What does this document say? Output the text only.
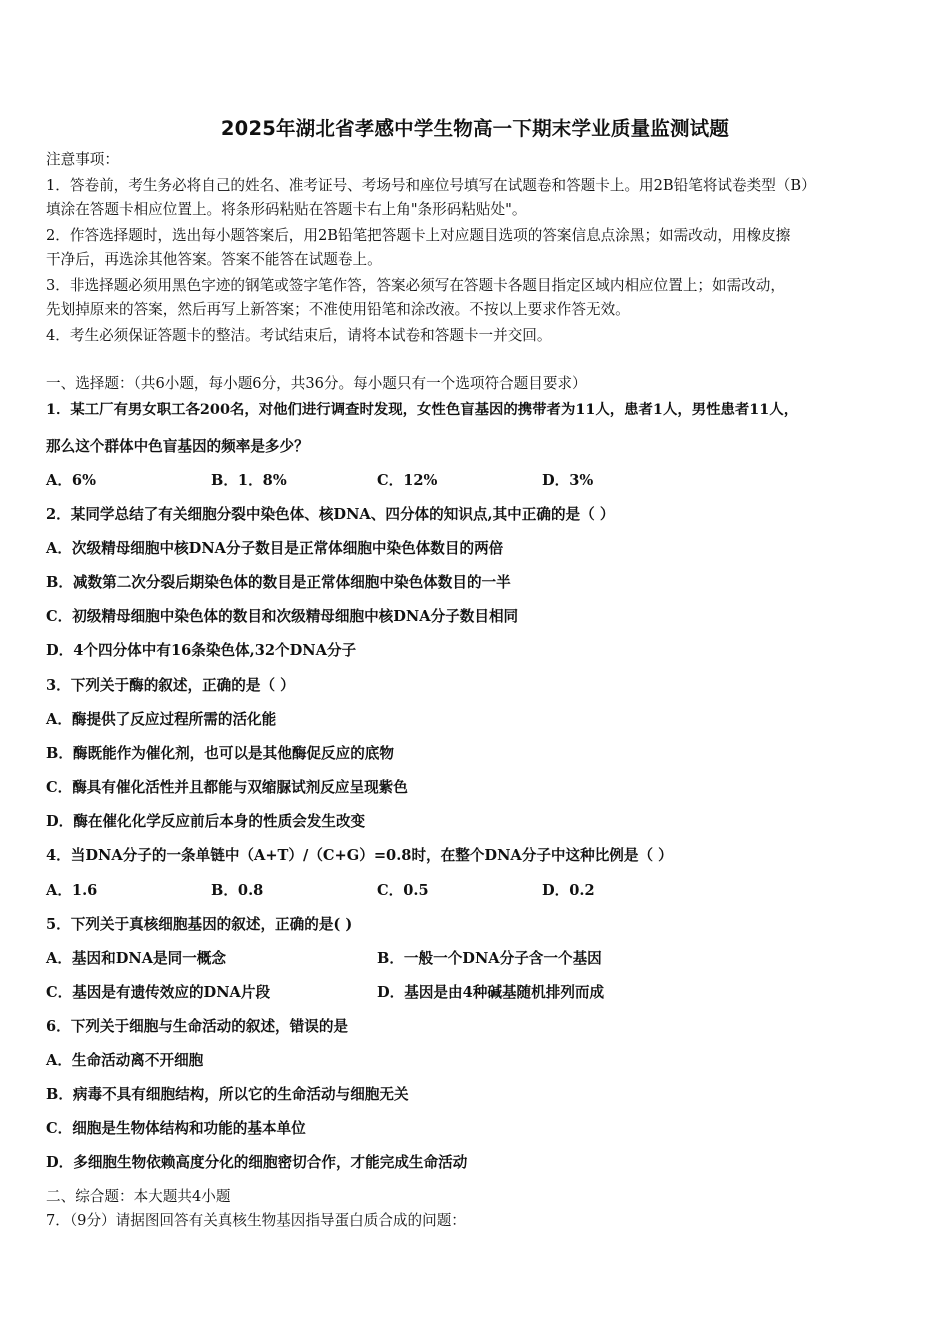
2025年湖北省孝感中学生物高一下期末学业质量监测试题
注意事项：
1．答卷前，考生务必将自己的姓名、准考证号、考场号和座位号填写在试题卷和答题卡上。用2B铅笔将试卷类型（B）
填涂在答题卡相应位置上。将条形码粘贴在答题卡右上角"条形码粘贴处"。
2．作答选择题时，选出每小题答案后，用2B铅笔把答题卡上对应题目选项的答案信息点涂黑；如需改动，用橡皮擦
干净后，再选涂其他答案。答案不能答在试题卷上。
3．非选择题必须用黑色字迹的钢笔或签字笔作答，答案必须写在答题卡各题目指定区域内相应位置上；如需改动，
先划掉原来的答案，然后再写上新答案；不准使用铅笔和涂改液。不按以上要求作答无效。
4．考生必须保证答题卡的整洁。考试结束后，请将本试卷和答题卡一并交回。
一、选择题：（共6小题，每小题6分，共36分。每小题只有一个选项符合题目要求）
1．某工厂有男女职工各200名，对他们进行调查时发现，女性色盲基因的携带者为11人，患者1人，男性患者11人，
那么这个群体中色盲基因的频率是多少？
A．6%	B．1．8%	C．12%	D．3%
2．某同学总结了有关细胞分裂中染色体、核DNA、四分体的知识点,其中正确的是（ ）
A．次级精母细胞中核DNA分子数目是正常体细胞中染色体数目的两倍
B．减数第二次分裂后期染色体的数目是正常体细胞中染色体数目的一半
C．初级精母细胞中染色体的数目和次级精母细胞中核DNA分子数目相同
D．4个四分体中有16条染色体,32个DNA分子
3．下列关于酶的叙述，正确的是（ ）
A．酶提供了反应过程所需的活化能
B．酶既能作为催化剂，也可以是其他酶促反应的底物
C．酶具有催化活性并且都能与双缩脲试剂反应呈现紫色
D．酶在催化化学反应前后本身的性质会发生改变
4．当DNA分子的一条单链中（A+T）/（C+G）=0.8时，在整个DNA分子中这种比例是（ ）
A．1.6	B．0.8	C．0.5	D．0.2
5．下列关于真核细胞基因的叙述，正确的是( )
A．基因和DNA是同一概念	B．一般一个DNA分子含一个基因
C．基因是有遗传效应的DNA片段	D．基因是由4种碱基随机排列而成
6．下列关于细胞与生命活动的叙述，错误的是
A．生命活动离不开细胞
B．病毒不具有细胞结构，所以它的生命活动与细胞无关
C．细胞是生物体结构和功能的基本单位
D．多细胞生物依赖高度分化的细胞密切合作，才能完成生命活动
二、综合题：本大题共4小题
7．（9分）请据图回答有关真核生物基因指导蛋白质合成的问题：
